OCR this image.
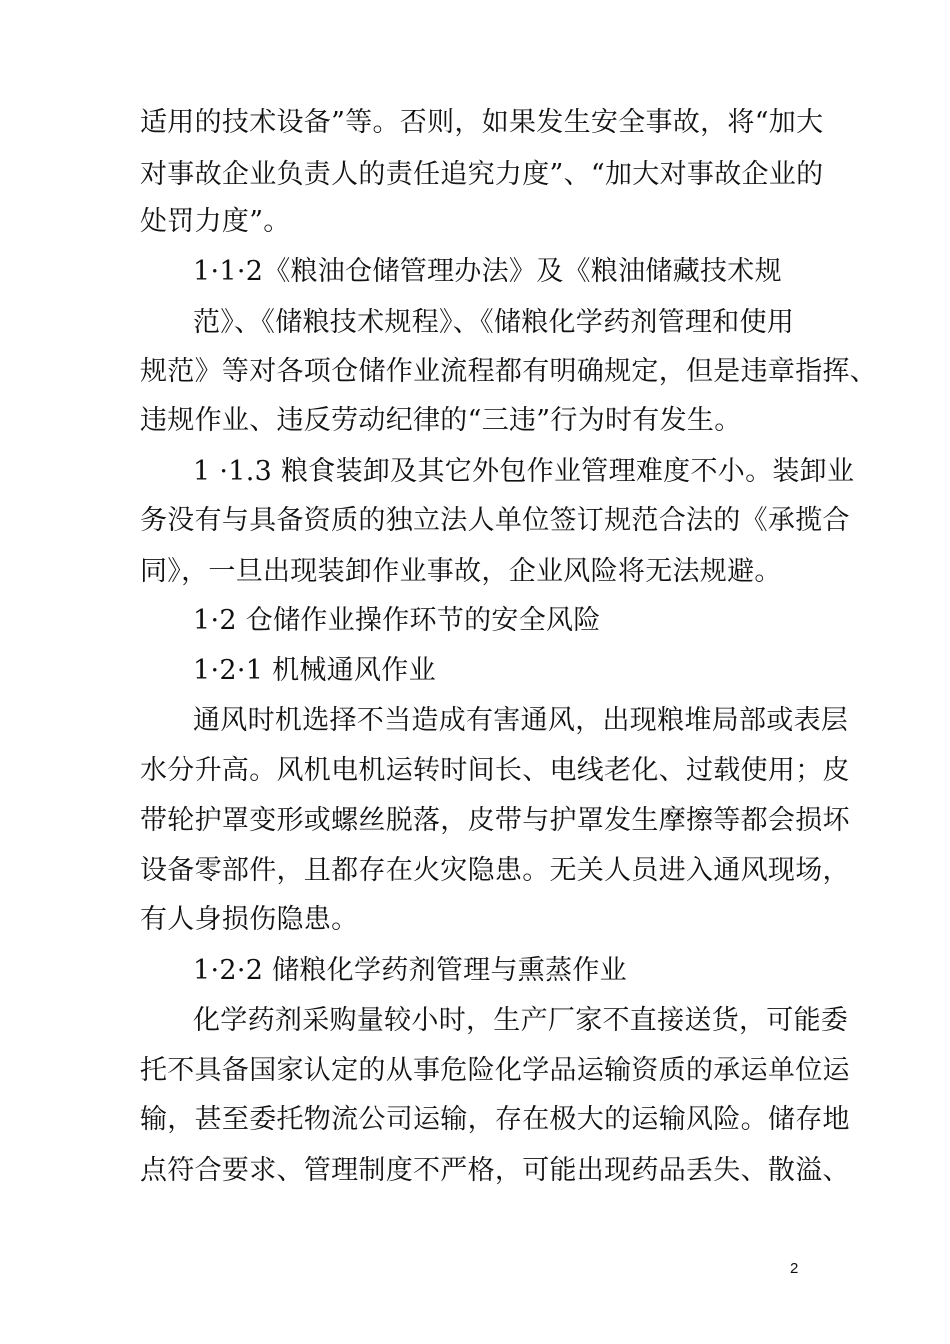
适用的技术设备”等。否则，如果发生安全事故，将“加大
对事故企业负责人的责任追究力度”、“加大对事故企业的
处罚力度”。
1·1·2《粮油仓储管理办法》及《粮油储藏技术规
范》、《储粮技术规程》、《储粮化学药剂管理和使用
规范》等对各项仓储作业流程都有明确规定，但是违章指挥、
违规作业、违反劳动纪律的“三违”行为时有发生。
1 ·1.3 粮食装卸及其它外包作业管理难度不小。装卸业
务没有与具备资质的独立法人单位签订规范合法的《承揽合
同》，一旦出现装卸作业事故，企业风险将无法规避。
1·2 仓储作业操作环节的安全风险
1·2·1 机械通风作业
通风时机选择不当造成有害通风，出现粮堆局部或表层
水分升高。风机电机运转时间长、电线老化、过载使用；皮
带轮护罩变形或螺丝脱落，皮带与护罩发生摩擦等都会损坏
设备零部件，且都存在火灾隐患。无关人员进入通风现场，
有人身损伤隐患。
1·2·2 储粮化学药剂管理与熏蒸作业
化学药剂采购量较小时，生产厂家不直接送货，可能委
托不具备国家认定的从事危险化学品运输资质的承运单位运
输，甚至委托物流公司运输，存在极大的运输风险。储存地
点符合要求、管理制度不严格，可能出现药品丢失、散溢、
2
